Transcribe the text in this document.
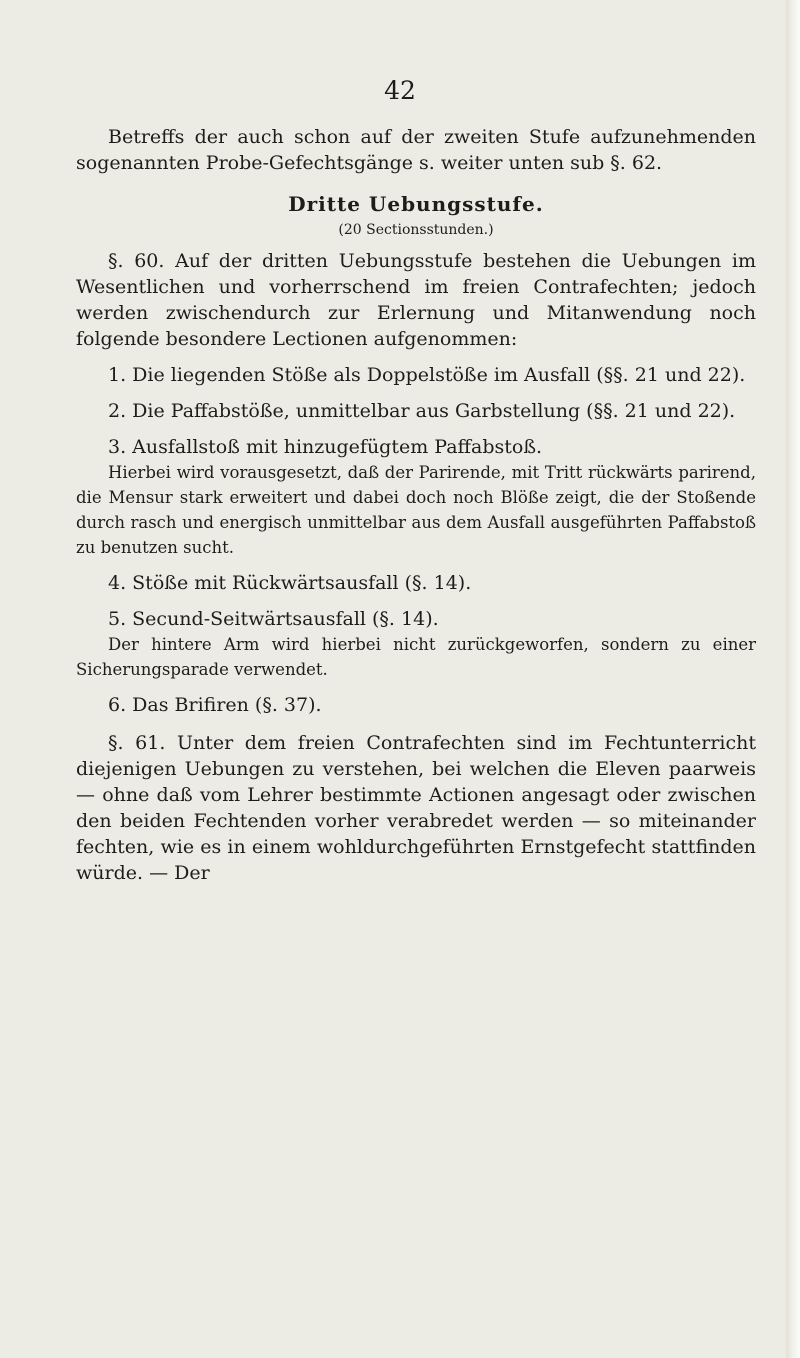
42

Betreffs der auch schon auf der zweiten Stufe aufzunehmenden sogenannten Probe-Gefechtsgänge s. weiter unten sub §. 62.

Dritte Uebungsstufe.
(20 Sectionsstunden.)

§. 60. Auf der dritten Uebungsstufe bestehen die Uebungen im Wesentlichen und vorherrschend im freien Contrafechten; jedoch werden zwischendurch zur Erlernung und Mitanwendung noch folgende besondere Lectionen aufgenommen:

1. Die liegenden Stöße als Doppelstöße im Ausfall (§§. 21 und 22).

2. Die Paffabstöße, unmittelbar aus Garbstellung (§§. 21 und 22).

3. Ausfallstoß mit hinzugefügtem Paffabstoß.

Hierbei wird vorausgesetzt, daß der Parirende, mit Tritt rückwärts parirend, die Mensur stark erweitert und dabei doch noch Blöße zeigt, die der Stoßende durch rasch und energisch unmittelbar aus dem Ausfall ausgeführten Paffabstoß zu benutzen sucht.

4. Stöße mit Rückwärtsausfall (§. 14).

5. Secund-Seitwärtsausfall (§. 14).

Der hintere Arm wird hierbei nicht zurückgeworfen, sondern zu einer Sicherungsparade verwendet.

6. Das Brifiren (§. 37).

§. 61. Unter dem freien Contrafechten sind im Fechtunterricht diejenigen Uebungen zu verstehen, bei welchen die Eleven paarweis — ohne daß vom Lehrer bestimmte Actionen angesagt oder zwischen den beiden Fechtenden vorher verabredet werden — so miteinander fechten, wie es in einem wohldurchgeführten Ernstgefecht stattfinden würde. — Der
